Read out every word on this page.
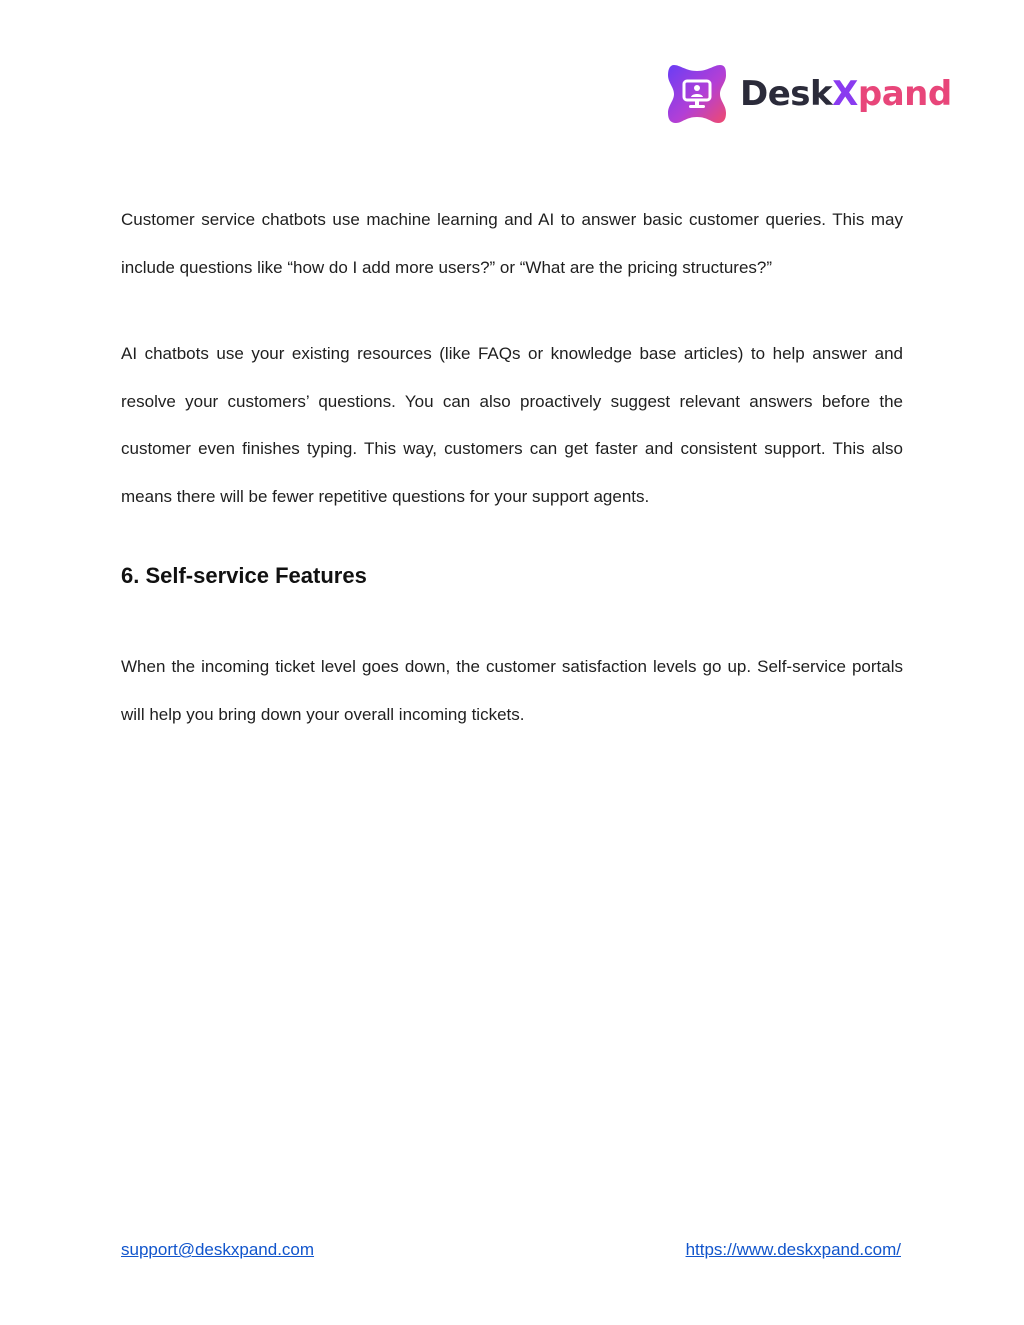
DeskXpand

Customer service chatbots use machine learning and AI to answer basic customer queries. This may include questions like “how do I add more users?” or “What are the pricing structures?”

AI chatbots use your existing resources (like FAQs or knowledge base articles) to help answer and resolve your customers’ questions. You can also proactively suggest relevant answers before the customer even finishes typing. This way, customers can get faster and consistent support. This also means there will be fewer repetitive questions for your support agents.

6. Self-service Features

When the incoming ticket level goes down, the customer satisfaction levels go up. Self-service portals will help you bring down your overall incoming tickets.

support@deskxpand.com	https://www.deskxpand.com/
